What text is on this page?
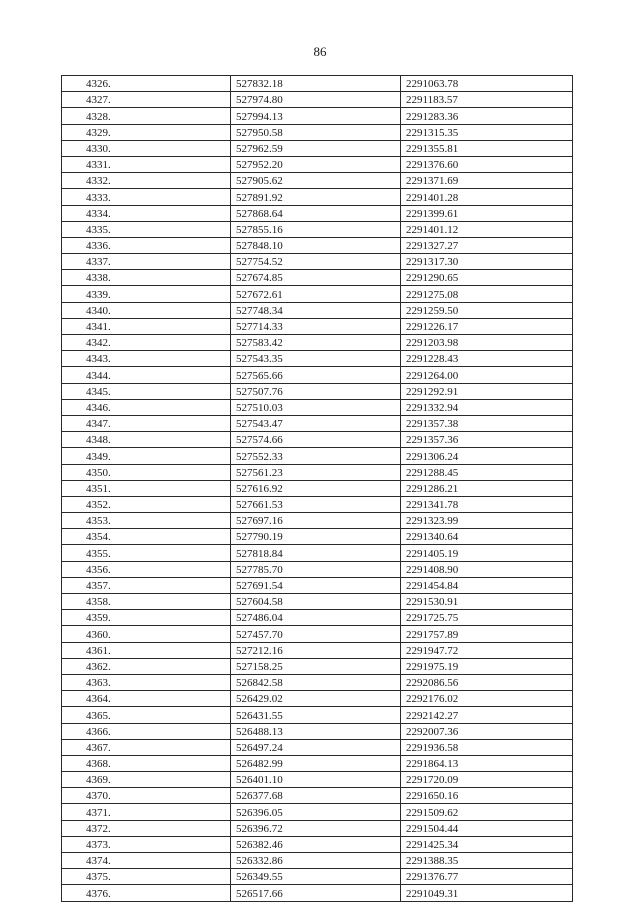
86
4326.	527832.18	2291063.78
4327.	527974.80	2291183.57
4328.	527994.13	2291283.36
4329.	527950.58	2291315.35
4330.	527962.59	2291355.81
4331.	527952.20	2291376.60
4332.	527905.62	2291371.69
4333.	527891.92	2291401.28
4334.	527868.64	2291399.61
4335.	527855.16	2291401.12
4336.	527848.10	2291327.27
4337.	527754.52	2291317.30
4338.	527674.85	2291290.65
4339.	527672.61	2291275.08
4340.	527748.34	2291259.50
4341.	527714.33	2291226.17
4342.	527583.42	2291203.98
4343.	527543.35	2291228.43
4344.	527565.66	2291264.00
4345.	527507.76	2291292.91
4346.	527510.03	2291332.94
4347.	527543.47	2291357.38
4348.	527574.66	2291357.36
4349.	527552.33	2291306.24
4350.	527561.23	2291288.45
4351.	527616.92	2291286.21
4352.	527661.53	2291341.78
4353.	527697.16	2291323.99
4354.	527790.19	2291340.64
4355.	527818.84	2291405.19
4356.	527785.70	2291408.90
4357.	527691.54	2291454.84
4358.	527604.58	2291530.91
4359.	527486.04	2291725.75
4360.	527457.70	2291757.89
4361.	527212.16	2291947.72
4362.	527158.25	2291975.19
4363.	526842.58	2292086.56
4364.	526429.02	2292176.02
4365.	526431.55	2292142.27
4366.	526488.13	2292007.36
4367.	526497.24	2291936.58
4368.	526482.99	2291864.13
4369.	526401.10	2291720.09
4370.	526377.68	2291650.16
4371.	526396.05	2291509.62
4372.	526396.72	2291504.44
4373.	526382.46	2291425.34
4374.	526332.86	2291388.35
4375.	526349.55	2291376.77
4376.	526517.66	2291049.31
